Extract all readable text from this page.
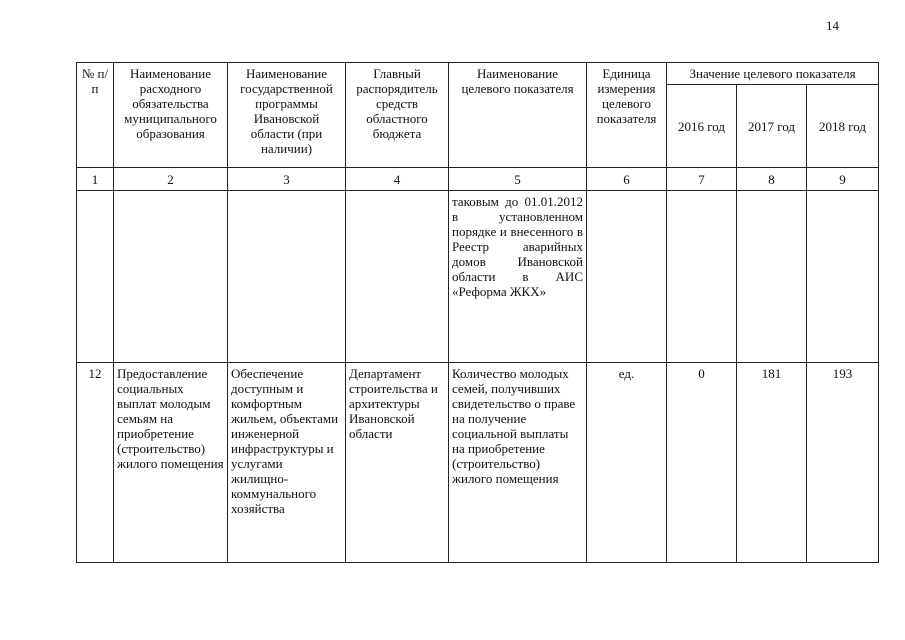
14
№ п/п	Наименование расходного обязательства муниципального образования	Наименование государственной программы Ивановской области (при наличии)	Главный распорядитель средств областного бюджета	Наименование целевого показателя	Единица измерения целевого показателя	Значение целевого показателя		
						2016 год	2017 год	2018 год
1	2	3	4	5	6	7	8	9
				таковым до 01.01.2012 в установленном порядке и внесенного в Реестр аварийных домов Ивановской области в АИС «Реформа ЖКХ»				
12	Предоставление социальных выплат молодым семьям на приобретение (строительство) жилого помещения	Обеспечение доступным и комфортным жильем, объектами инженерной инфраструктуры и услугами жилищно-коммунального хозяйства	Департамент строительства и архитектуры Ивановской области	Количество молодых семей, получивших свидетельство о праве на получение социальной выплаты на приобретение (строительство) жилого помещения	ед.	0	181	193
